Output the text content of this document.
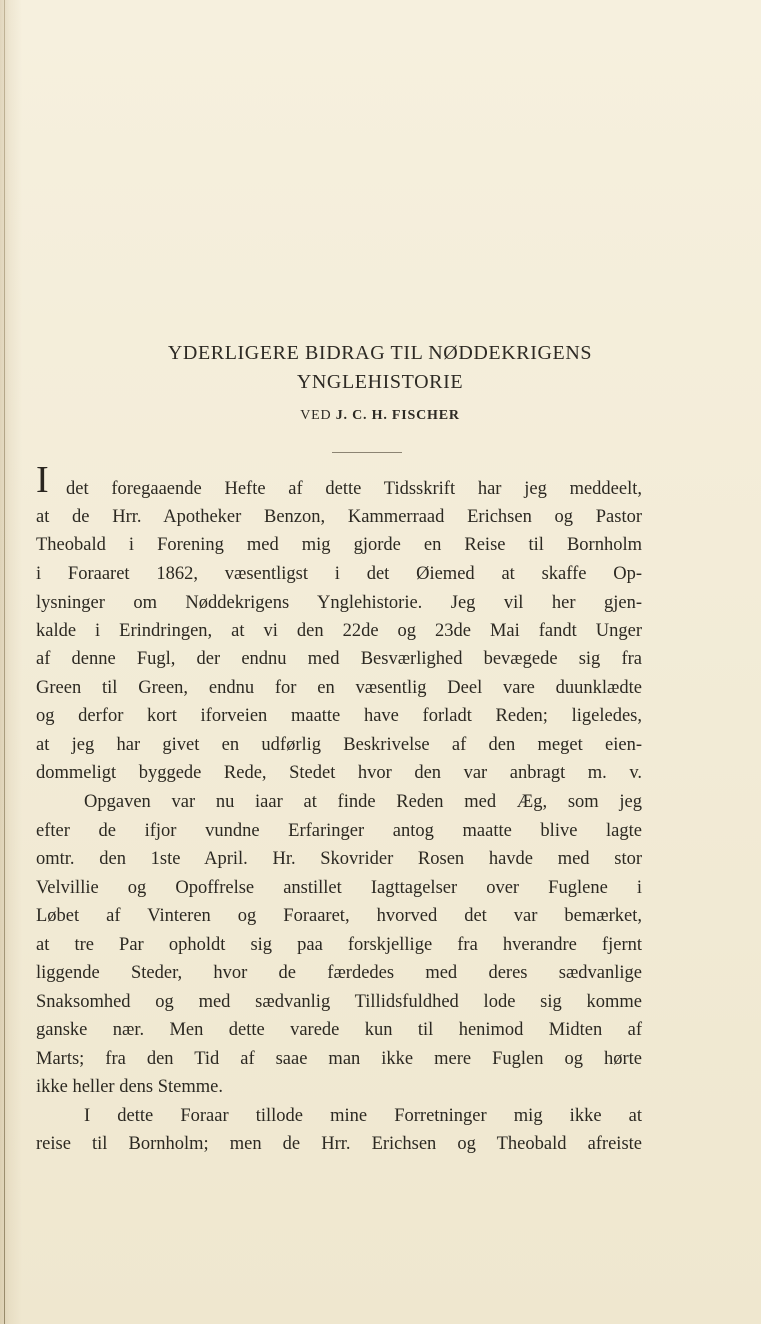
YDERLIGERE BIDRAG TIL NØDDEKRIGENS
YNGLEHISTORIE
VED J. C. H. FISCHER
I det foregaaende Hefte af dette Tidsskrift har jeg meddeelt,
at de Hrr. Apotheker Benzon, Kammerraad Erichsen og Pastor
Theobald i Forening med mig gjorde en Reise til Bornholm
i Foraaret 1862, væsentligst i det Øiemed at skaffe Op-
lysninger om Nøddekrigens Ynglehistorie. Jeg vil her gjen-
kalde i Erindringen, at vi den 22de og 23de Mai fandt Unger
af denne Fugl, der endnu med Besværlighed bevægede sig fra
Green til Green, endnu for en væsentlig Deel vare duunklædte
og derfor kort iforveien maatte have forladt Reden; ligeledes,
at jeg har givet en udførlig Beskrivelse af den meget eien-
dommeligt byggede Rede, Stedet hvor den var anbragt m. v.
Opgaven var nu iaar at finde Reden med Æg, som jeg
efter de ifjor vundne Erfaringer antog maatte blive lagte
omtr. den 1ste April. Hr. Skovrider Rosen havde med stor
Velvillie og Opoffrelse anstillet Iagttagelser over Fuglene i
Løbet af Vinteren og Foraaret, hvorved det var bemærket,
at tre Par opholdt sig paa forskjellige fra hverandre fjernt
liggende Steder, hvor de færdedes med deres sædvanlige
Snaksomhed og med sædvanlig Tillidsfuldhed lode sig komme
ganske nær. Men dette varede kun til henimod Midten af
Marts; fra den Tid af saae man ikke mere Fuglen og hørte
ikke heller dens Stemme.
I dette Foraar tillode mine Forretninger mig ikke at
reise til Bornholm; men de Hrr. Erichsen og Theobald afreiste
